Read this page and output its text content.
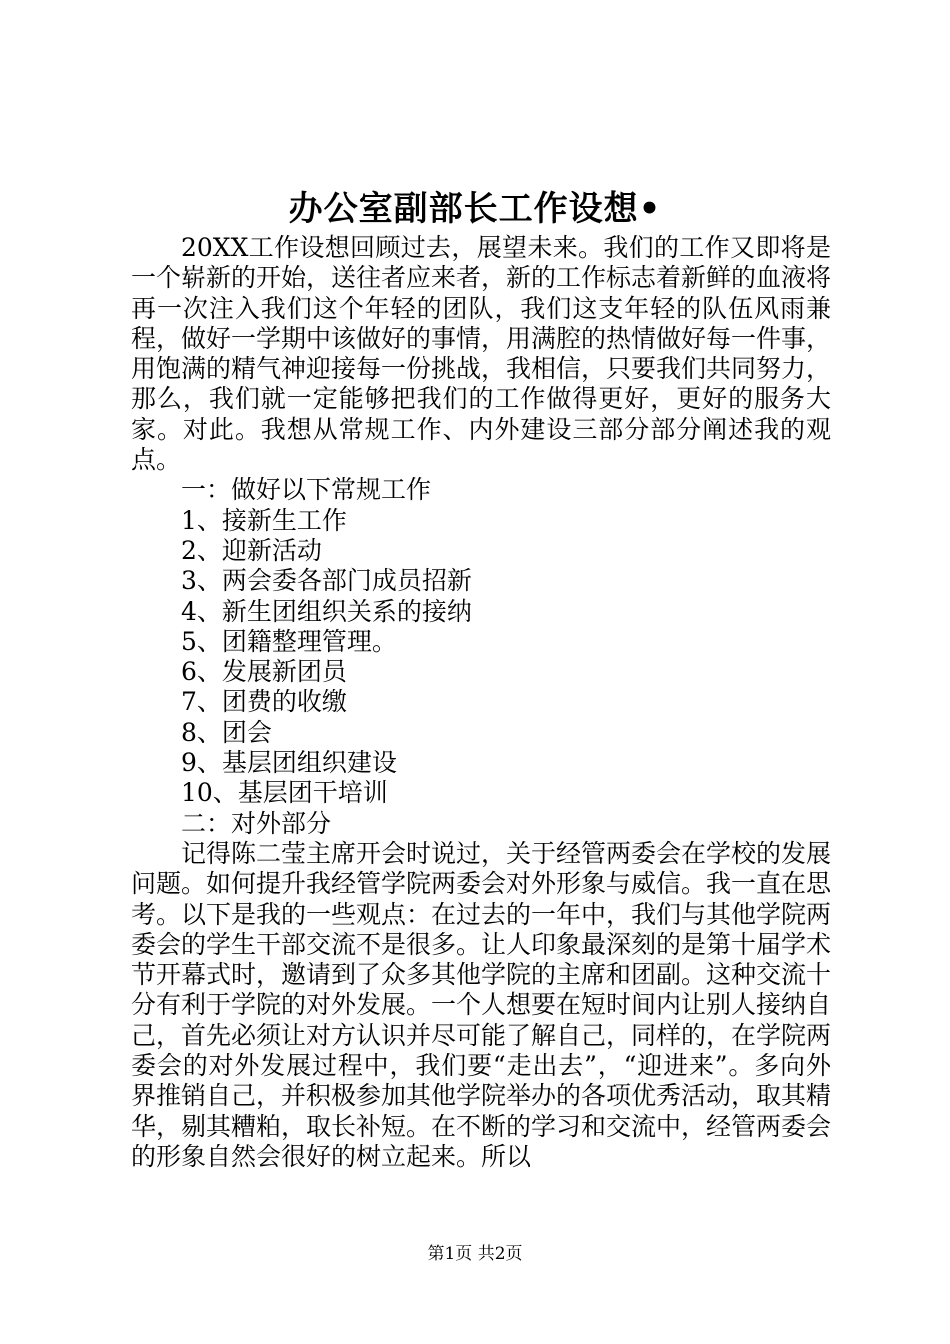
办公室副部长工作设想•

20XX工作设想回顾过去，展望未来。我们的工作又即将是一个崭新的开始，送往者应来者，新的工作标志着新鲜的血液将再一次注入我们这个年轻的团队，我们这支年轻的队伍风雨兼程，做好一学期中该做好的事情，用满腔的热情做好每一件事，用饱满的精气神迎接每一份挑战，我相信，只要我们共同努力，那么，我们就一定能够把我们的工作做得更好，更好的服务大家。对此。我想从常规工作、内外建设三部分部分阐述我的观点。

一：做好以下常规工作

1、接新生工作

2、迎新活动

3、两会委各部门成员招新

4、新生团组织关系的接纳

5、团籍整理管理。

6、发展新团员

7、团费的收缴

8、团会

9、基层团组织建设

10、基层团干培训

二：对外部分

记得陈二莹主席开会时说过，关于经管两委会在学校的发展问题。如何提升我经管学院两委会对外形象与威信。我一直在思考。以下是我的一些观点：在过去的一年中，我们与其他学院两委会的学生干部交流不是很多。让人印象最深刻的是第十届学术节开幕式时，邀请到了众多其他学院的主席和团副。这种交流十分有利于学院的对外发展。一个人想要在短时间内让别人接纳自己，首先必须让对方认识并尽可能了解自己，同样的，在学院两委会的对外发展过程中，我们要“走出去”，“迎进来”。多向外界推销自己，并积极参加其他学院举办的各项优秀活动，取其精华，剔其糟粕，取长补短。在不断的学习和交流中，经管两委会的形象自然会很好的树立起来。所以

第1页 共2页
